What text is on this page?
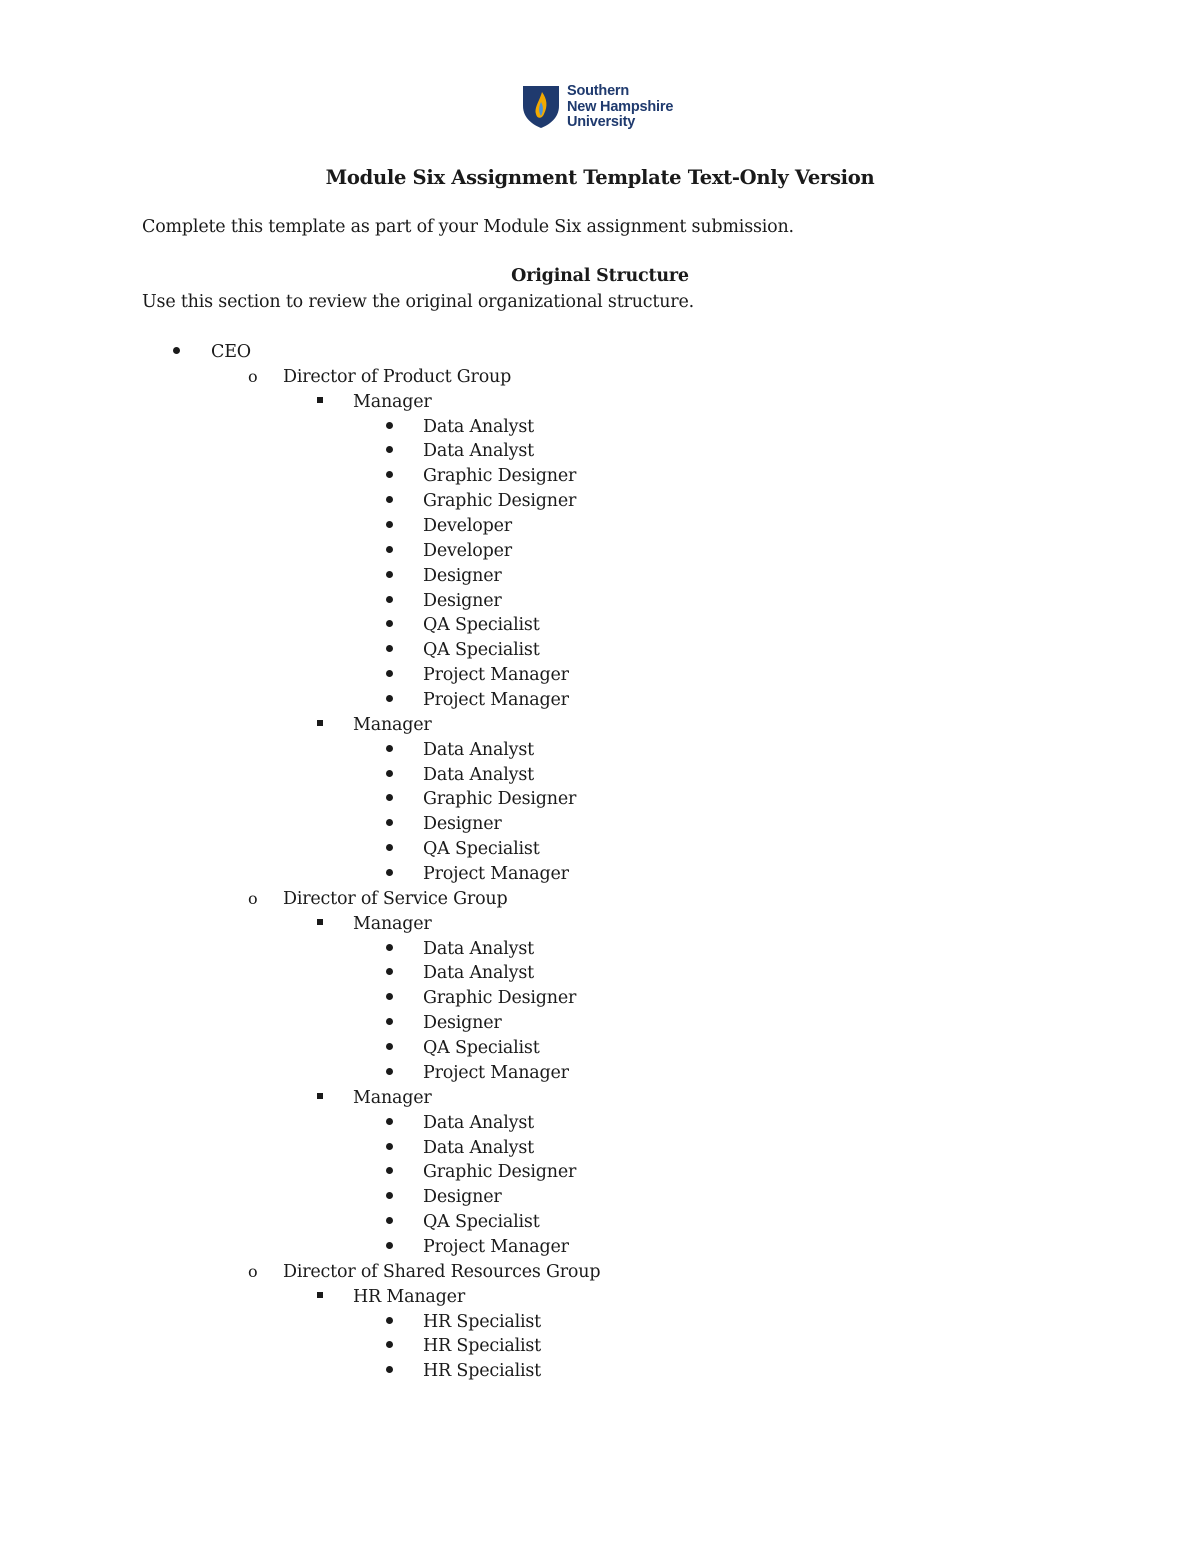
Southern
New Hampshire
University
Module Six Assignment Template Text-Only Version
Complete this template as part of your Module Six assignment submission.
Original Structure
Use this section to review the original organizational structure.
CEO
o Director of Product Group
Manager
Data Analyst
Data Analyst
Graphic Designer
Graphic Designer
Developer
Developer
Designer
Designer
QA Specialist
QA Specialist
Project Manager
Project Manager
Manager
Data Analyst
Data Analyst
Graphic Designer
Designer
QA Specialist
Project Manager
o Director of Service Group
Manager
Data Analyst
Data Analyst
Graphic Designer
Designer
QA Specialist
Project Manager
Manager
Data Analyst
Data Analyst
Graphic Designer
Designer
QA Specialist
Project Manager
o Director of Shared Resources Group
HR Manager
HR Specialist
HR Specialist
HR Specialist
